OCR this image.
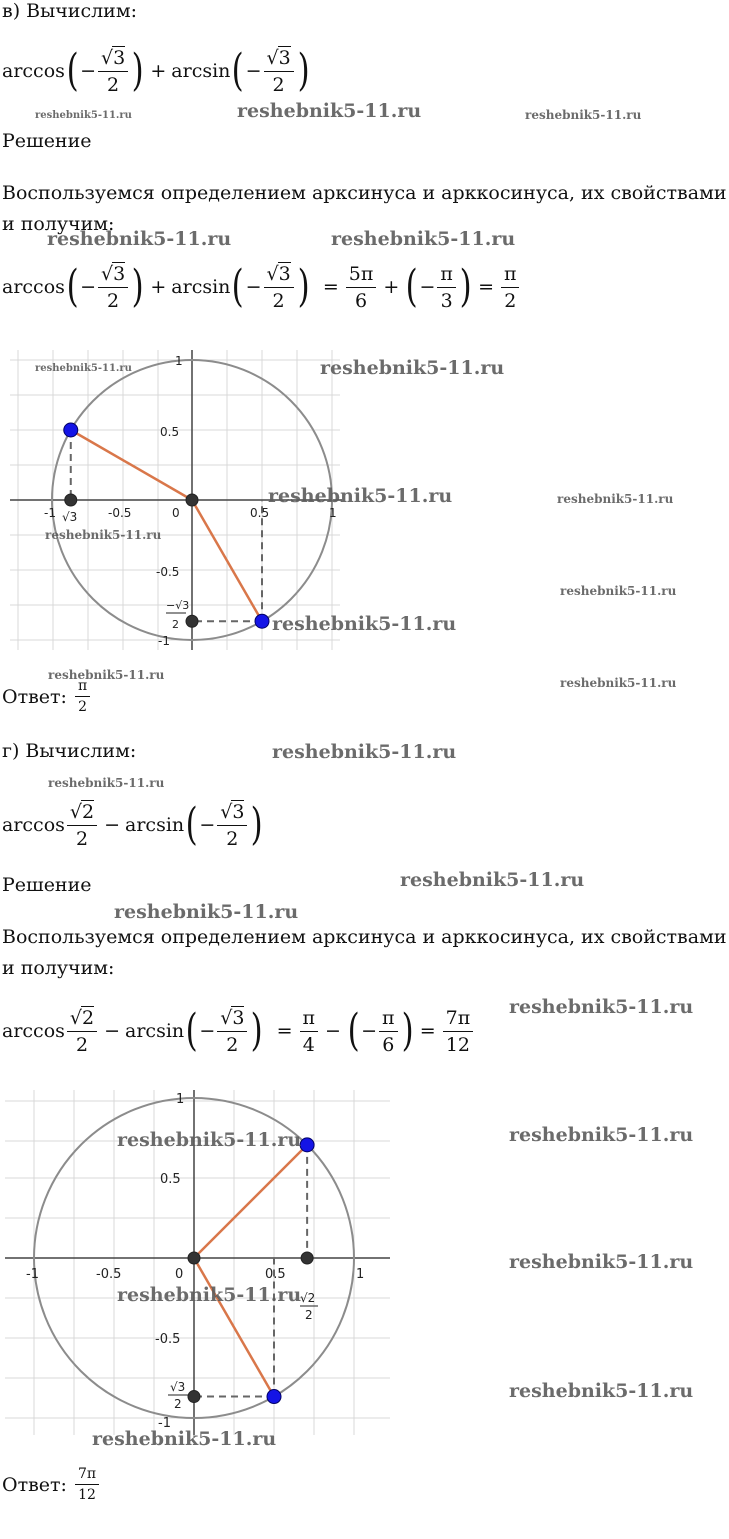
в) Вычислим:
arccos ( − $\frac{√3}{2}$ ) + arcsin ( − $\frac{√3}{2}$ )
Решение
Воспользуемся определением арксинуса и арккосинуса, их свойствами и получим:
arccos ( − $\frac{√3}{2}$ ) + arcsin ( − $\frac{√3}{2}$ ) = $\frac{5\pi}{6}$ + ( − $\frac{\pi}{3}$ ) = $\frac{\pi}{2}$
-1	-0.5	0	0.5	1
1
0.5
-0.5
-1
√3
−√3
2
Ответ: $\frac{\pi}{2}$
г) Вычислим:
$\arccos \frac{√2}{2} - \arcsin$ ( − $\frac{√3}{2}$ )
Решение
Воспользуемся определением арксинуса и арккосинуса, их свойствами и получим:
$\arccos \frac{√2}{2} - \arcsin$ ( − $\frac{√3}{2}$ ) = $\frac{\pi}{4}$ − ( − $\frac{\pi}{6}$ ) = $\frac{7\pi}{12}$
-1	-0.5	0	0.5	1
1
0.5
-0.5
-1
√2
2
√3
2
Ответ: $\frac{7\pi}{12}$
reshebnik5-11.ru	reshebnik5-11.ru	reshebnik5-11.ru
reshebnik5-11.ru	reshebnik5-11.ru
reshebnik5-11.ru	reshebnik5-11.ru
reshebnik5-11.ru	reshebnik5-11.ru
reshebnik5-11.ru
reshebnik5-11.ru
reshebnik5-11.ru
reshebnik5-11.ru
reshebnik5-11.ru
reshebnik5-11.ru
reshebnik5-11.ru
reshebnik5-11.ru
reshebnik5-11.ru
reshebnik5-11.ru
reshebnik5-11.ru	reshebnik5-11.ru
reshebnik5-11.ru
reshebnik5-11.ru
reshebnik5-11.ru
reshebnik5-11.ru
